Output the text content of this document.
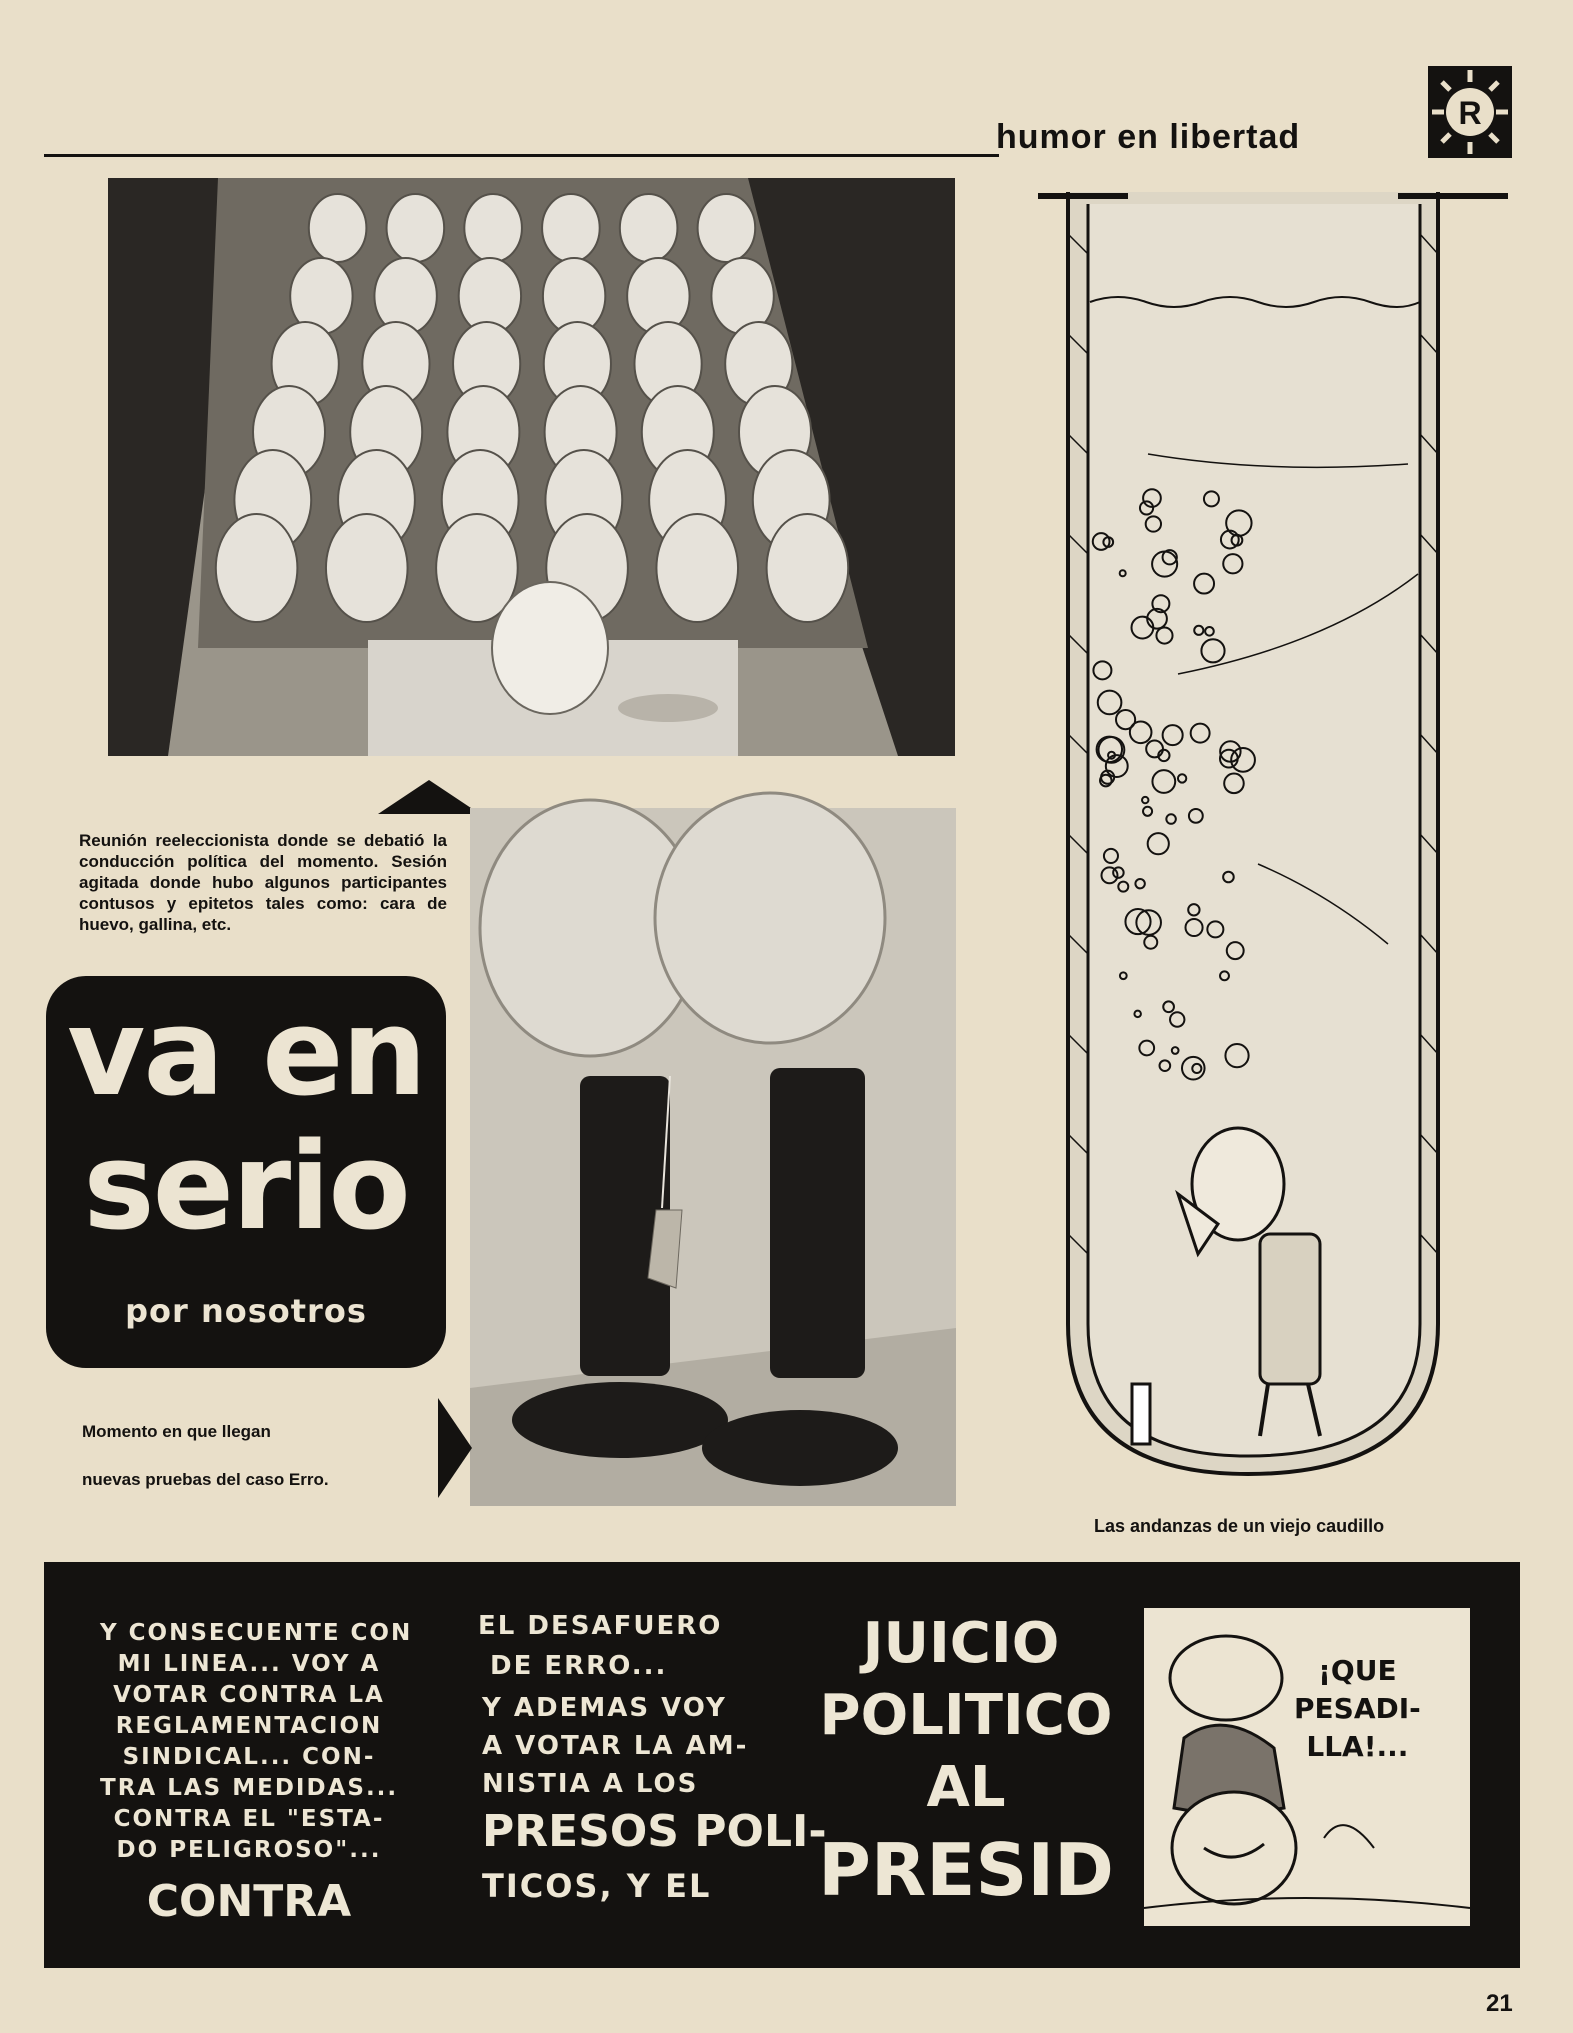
humor en libertad
R
Reunión reeleccionista donde se debatió la conducción política del momento. Sesión agitada donde hubo algunos participantes contusos y epitetos tales como: cara de huevo, gallina, etc.
va en
serio
por nosotros
Momento en que llegan
nuevas pruebas del caso Erro.
Las andanzas de un viejo caudillo
Y CONSECUENTE CON
MI LINEA... VOY A
VOTAR CONTRA LA
REGLAMENTACION
SINDICAL... CON-
TRA LAS MEDIDAS...
CONTRA EL "ESTA-
DO PELIGROSO"...
CONTRA
EL DESAFUERO
DE ERRO...
Y ADEMAS VOY
A VOTAR LA AM-
NISTIA A LOS
PRESOS POLI-
TICOS, Y EL
JUICIO
POLITICO
AL
PRESID
¡QUE
PESADI-
LLA!...
21
